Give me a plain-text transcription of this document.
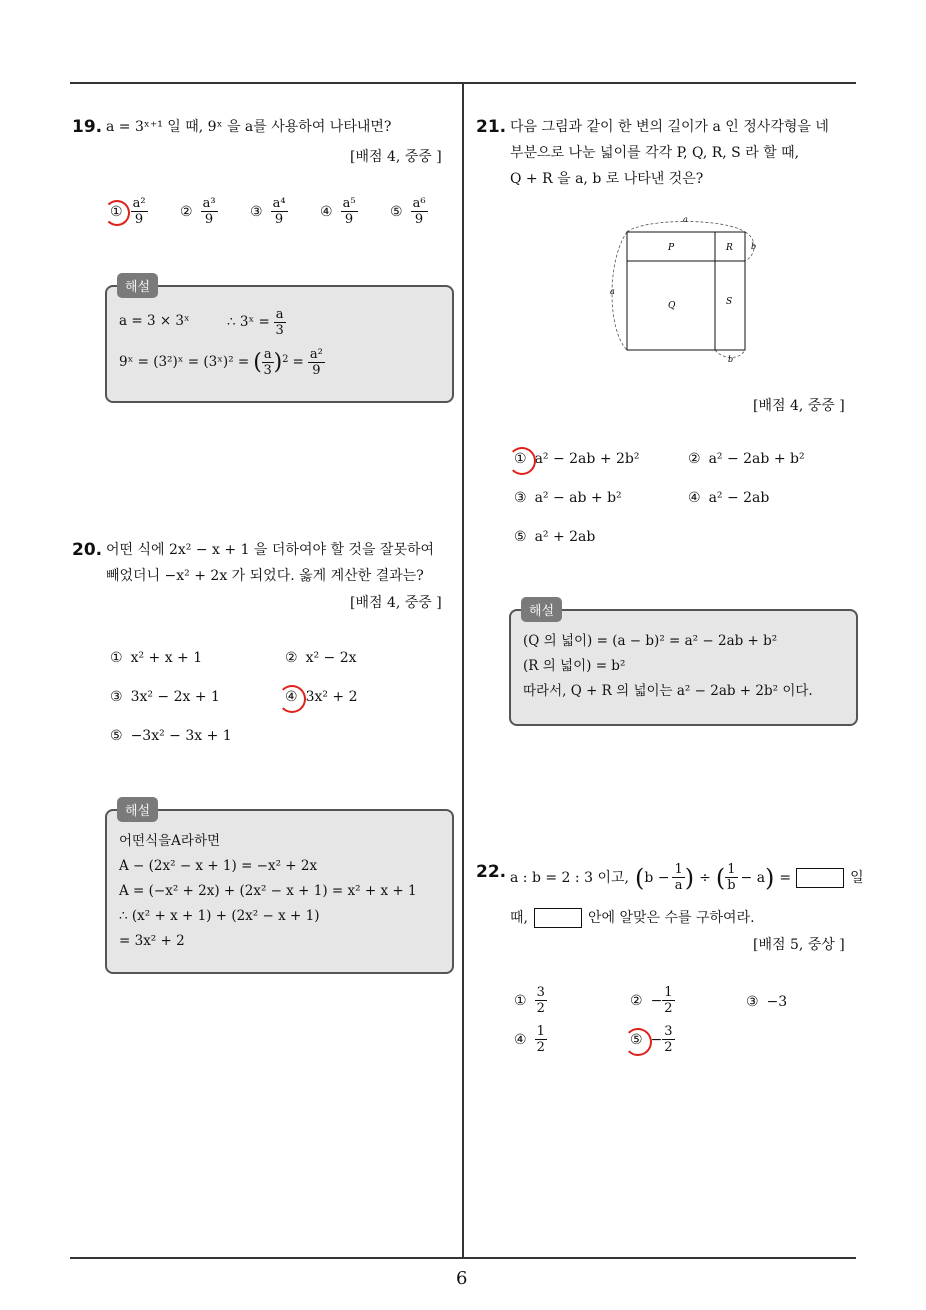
19. a = 3ˣ⁺¹ 일 때, 9ˣ 을 a를 사용하여 나타내면?
[배점 4, 중중 ]
① $\frac{\text{a²}}{9}$ ② $\frac{\text{a³}}{9}$ ③ $\frac{\text{a⁴}}{9}$ ④ $\frac{\text{a⁵}}{9}$ ⑤ $\frac{\text{a⁶}}{9}$
a = 3 × 3ˣ	∴ 3ˣ = $\frac{a}{3}$
9ˣ = (3²)ˣ = (3ˣ)² = ( $\frac{a}{3} )^2 = \frac{\text{a²}}{9}$
해설
20. 어떤 식에 2x² − x + 1 을 더하여야 할 것을 잘못하여
빼었더니 −x² + 2x 가 되었다. 옳게 계산한 결과는?
[배점 4, 중중 ]
① x² + x + 1	② x² − 2x
③ 3x² − 2x + 1	④ 3x² + 2
⑤ −3x² − 3x + 1
어떤식을A라하면
A − (2x² − x + 1) = −x² + 2x
A = (−x² + 2x) + (2x² − x + 1) = x² + x + 1
∴ (x² + x + 1) + (2x² − x + 1)
= 3x² + 2
해설
21. 다음 그림과 같이 한 변의 길이가 a 인 정사각형을 네
부분으로 나눈 넓이를 각각 P, Q, R, S 라 할 때,
Q + R 을 a, b 로 나타낸 것은?
a
a
b
b
P	R
Q	S
[배점 4, 중중 ]
① a² − 2ab + 2b²	② a² − 2ab + b²
③ a² − ab + b²	④ a² − 2ab
⑤ a² + 2ab
(Q 의 넓이) = (a − b)² = a² − 2ab + b²
(R 의 넓이) = b²
따라서, Q + R 의 넓이는 a² − 2ab + 2b² 이다.
해설
22. a : b = 2 : 3 이고, ( $b - \frac{1}{a}$ ) ÷ ( $\frac{1}{b} - a$ ) =	일
때,	안에 알맞은 수를 구하여라.
[배점 5, 중상 ]
① $\frac{3}{2}$	② − $\frac{1}{2}$	③ −3
④ $\frac{1}{2}$	⑤ − $\frac{3}{2}$
6
